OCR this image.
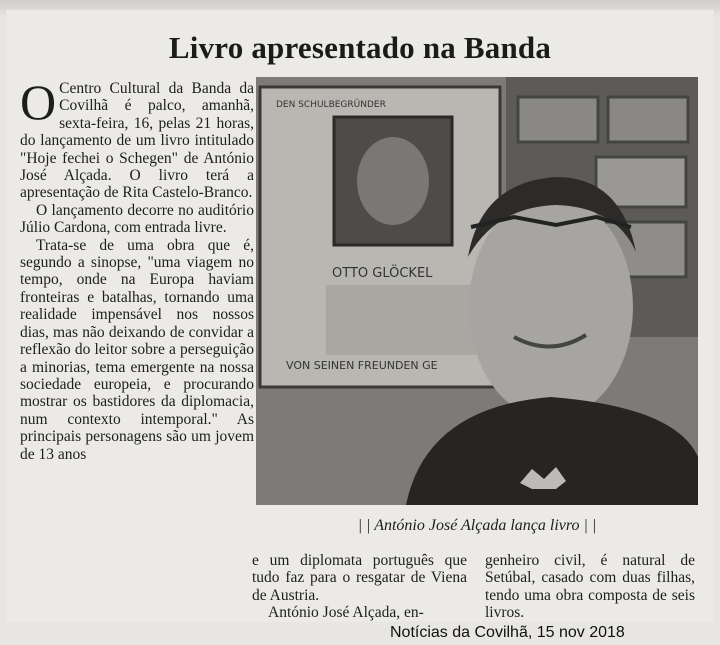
Livro apresentado na Banda

O Centro Cultural da Banda da Covilhã é palco, amanhã, sexta-feira, 16, pelas 21 horas, do lançamento de um livro intitulado "Hoje fechei o Schegen" de António José Alçada. O livro terá a apresentação de Rita Castelo-Branco.

O lançamento decorre no auditório Júlio Cardona, com entrada livre.

Trata-se de uma obra que é, segundo a sinopse, "uma viagem no tempo, onde na Europa haviam fronteiras e batalhas, tornando uma realidade impensável nos nossos dias, mas não deixando de convidar a reflexão do leitor sobre a perseguição a minorias, tema emergente na nossa sociedade europeia, e procurando mostrar os bastidores da diplomacia, num contexto intemporal." As principais personagens são um jovem de 13 anos

DEN SCHULBEGRÜNDER
OTTO GLÖCKEL
VON SEINEN FREUNDEN GE
| | António José Alçada lança livro | |

e um diplomata português que tudo faz para o resgatar de Viena de Austria.

António José Alçada, en-

genheiro civil, é natural de Setúbal, casado com duas filhas, tendo uma obra composta de seis livros.

Notícias da Covilhã, 15 nov 2018
